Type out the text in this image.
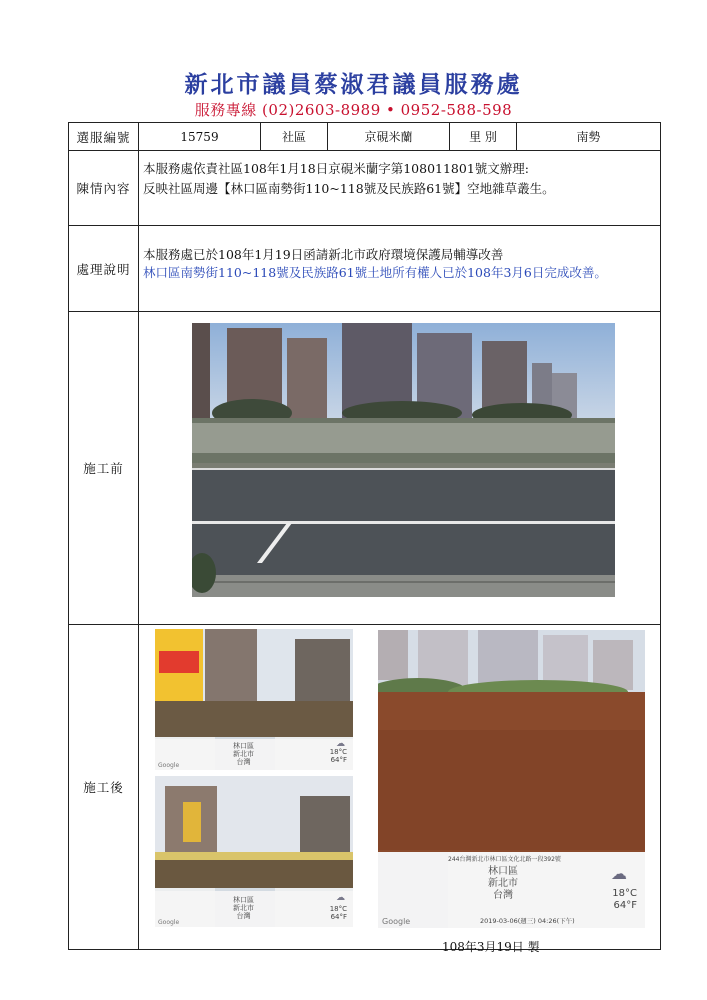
新北市議員蔡淑君議員服務處
服務專線 (02)2603-8989 • 0952-588-598
選服編號	15759	社區	京硯米蘭	里 別	南勢
陳情內容	本服務處依責社區108年1月18日京硯米蘭字第108011801號文辦理:
反映社區周邊【林口區南勢街110~118號及民族路61號】空地雜草叢生。				

處理說明	本服務處已於108年1月19日函請新北市政府環境保護局輔導改善
林口區南勢街110~118號及民族路61號土地所有權人已於108年3月6日完成改善。				

施工前					
施工後					
林口區
新北市
台灣
18°C
64°F
☁
Google
林口區
新北市
台灣
18°C
64°F
☁
Google
244台灣新北市林口區文化北路一段392號
林口區
新北市
台灣
☁
18°C
64°F
2019-03-06(週三) 04:26(下午)
Google
108年3月19日 製
